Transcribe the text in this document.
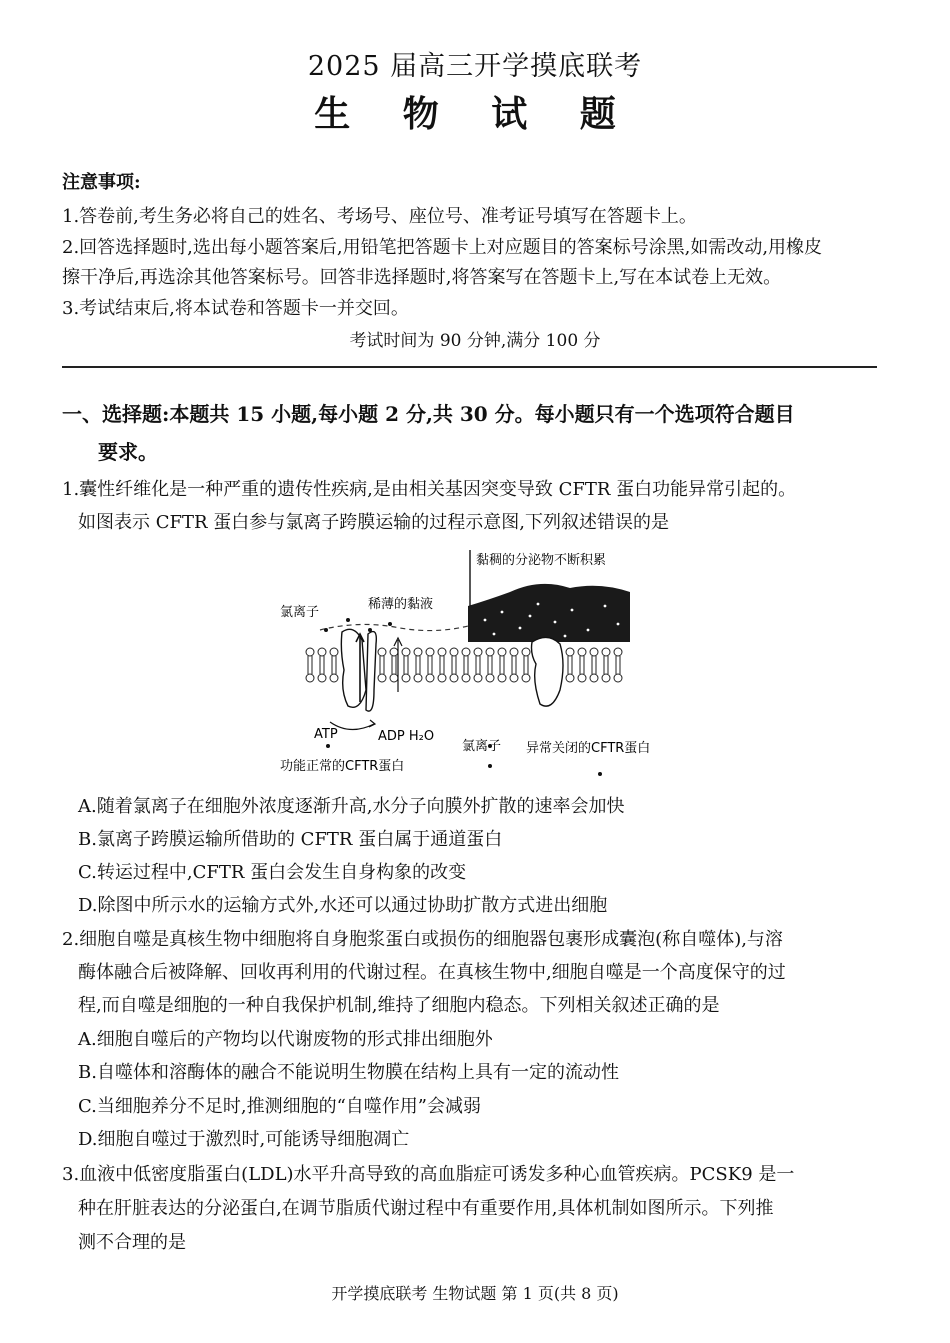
2025 届高三开学摸底联考
生 物 试 题
注意事项:
1.答卷前,考生务必将自己的姓名、考场号、座位号、准考证号填写在答题卡上。
2.回答选择题时,选出每小题答案后,用铅笔把答题卡上对应题目的答案标号涂黑,如需改动,用橡皮
擦干净后,再选涂其他答案标号。回答非选择题时,将答案写在答题卡上,写在本试卷上无效。
3.考试结束后,将本试卷和答题卡一并交回。
考试时间为 90 分钟,满分 100 分
一、选择题:本题共 15 小题,每小题 2 分,共 30 分。每小题只有一个选项符合题目
要求。
1.囊性纤维化是一种严重的遗传性疾病,是由相关基因突变导致 CFTR 蛋白功能异常引起的。
如图表示 CFTR 蛋白参与氯离子跨膜运输的过程示意图,下列叙述错误的是
黏稠的分泌物不断积累
稀薄的黏液
氯离子
ATP	ADP H₂O
功能正常的CFTR蛋白
氯离子 异常关闭的CFTR蛋白
A.随着氯离子在细胞外浓度逐渐升高,水分子向膜外扩散的速率会加快
B.氯离子跨膜运输所借助的 CFTR 蛋白属于通道蛋白
C.转运过程中,CFTR 蛋白会发生自身构象的改变
D.除图中所示水的运输方式外,水还可以通过协助扩散方式进出细胞
2.细胞自噬是真核生物中细胞将自身胞浆蛋白或损伤的细胞器包裹形成囊泡(称自噬体),与溶
酶体融合后被降解、回收再利用的代谢过程。在真核生物中,细胞自噬是一个高度保守的过
程,而自噬是细胞的一种自我保护机制,维持了细胞内稳态。下列相关叙述正确的是
A.细胞自噬后的产物均以代谢废物的形式排出细胞外
B.自噬体和溶酶体的融合不能说明生物膜在结构上具有一定的流动性
C.当细胞养分不足时,推测细胞的“自噬作用”会减弱
D.细胞自噬过于激烈时,可能诱导细胞凋亡
3.血液中低密度脂蛋白(LDL)水平升高导致的高血脂症可诱发多种心血管疾病。PCSK9 是一
种在肝脏表达的分泌蛋白,在调节脂质代谢过程中有重要作用,具体机制如图所示。下列推
测不合理的是
开学摸底联考 生物试题 第 1 页(共 8 页)
